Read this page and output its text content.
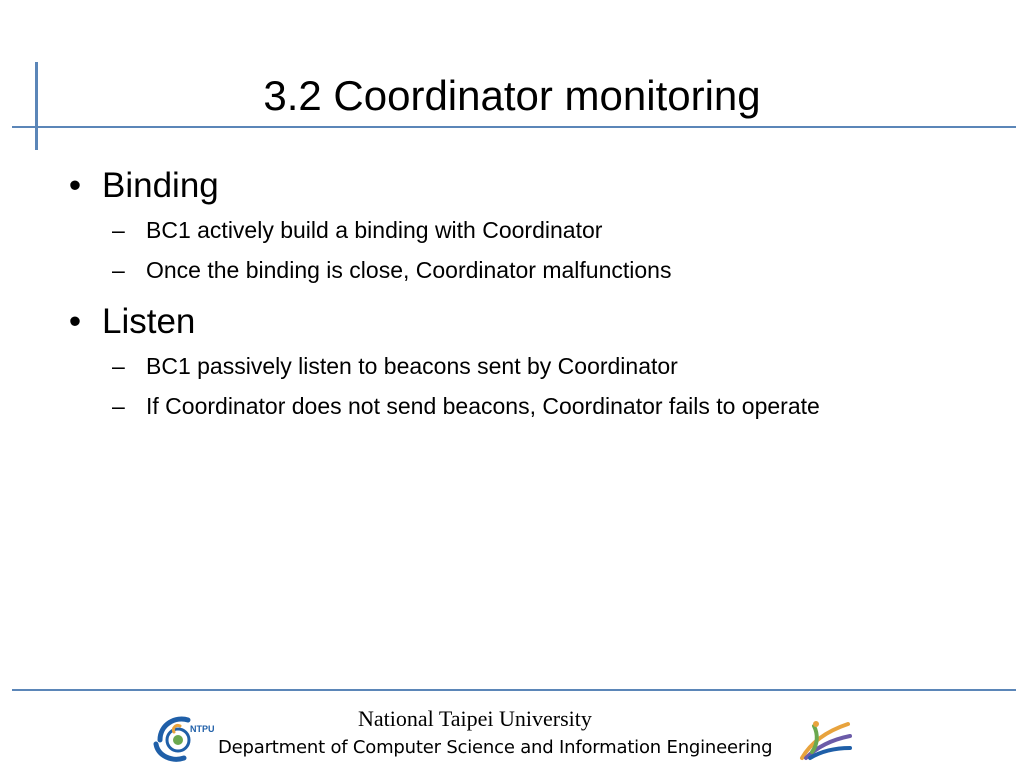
3.2 Coordinator monitoring
• Binding
– BC1 actively build a binding with Coordinator
– Once the binding is close, Coordinator malfunctions
• Listen
– BC1 passively listen to beacons sent by Coordinator
– If Coordinator does not send beacons, Coordinator fails to operate
NTPU	National Taipei University
Department of Computer Science and Information Engineering
